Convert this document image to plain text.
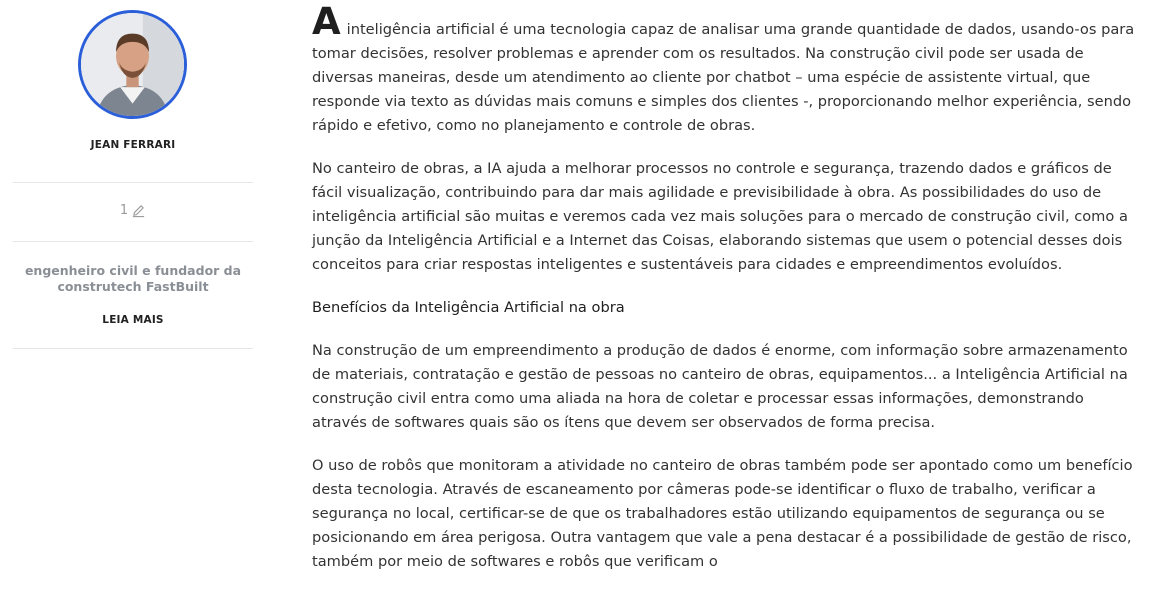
JEAN FERRARI
1
engenheiro civil e fundador da construtech FastBuilt
LEIA MAIS

Ainteligência artificial é uma tecnologia capaz de analisar uma grande quantidade de dados, usando-os para tomar decisões, resolver problemas e aprender com os resultados. Na construção civil pode ser usada de diversas maneiras, desde um atendimento ao cliente por chatbot – uma espécie de assistente virtual, que responde via texto as dúvidas mais comuns e simples dos clientes -, proporcionando melhor experiência, sendo rápido e efetivo, como no planejamento e controle de obras.

No canteiro de obras, a IA ajuda a melhorar processos no controle e segurança, trazendo dados e gráficos de fácil visualização, contribuindo para dar mais agilidade e previsibilidade à obra. As possibilidades do uso de inteligência artificial são muitas e veremos cada vez mais soluções para o mercado de construção civil, como a junção da Inteligência Artificial e a Internet das Coisas, elaborando sistemas que usem o potencial desses dois conceitos para criar respostas inteligentes e sustentáveis para cidades e empreendimentos evoluídos.

Benefícios da Inteligência Artificial na obra

Na construção de um empreendimento a produção de dados é enorme, com informação sobre armazenamento de materiais, contratação e gestão de pessoas no canteiro de obras, equipamentos... a Inteligência Artificial na construção civil entra como uma aliada na hora de coletar e processar essas informações, demonstrando através de softwares quais são os ítens que devem ser observados de forma precisa.

O uso de robôs que monitoram a atividade no canteiro de obras também pode ser apontado como um benefício desta tecnologia. Através de escaneamento por câmeras pode-se identificar o fluxo de trabalho, verificar a segurança no local, certificar-se de que os trabalhadores estão utilizando equipamentos de segurança ou se posicionando em área perigosa. Outra vantagem que vale a pena destacar é a possibilidade de gestão de risco, também por meio de softwares e robôs que verificam o
